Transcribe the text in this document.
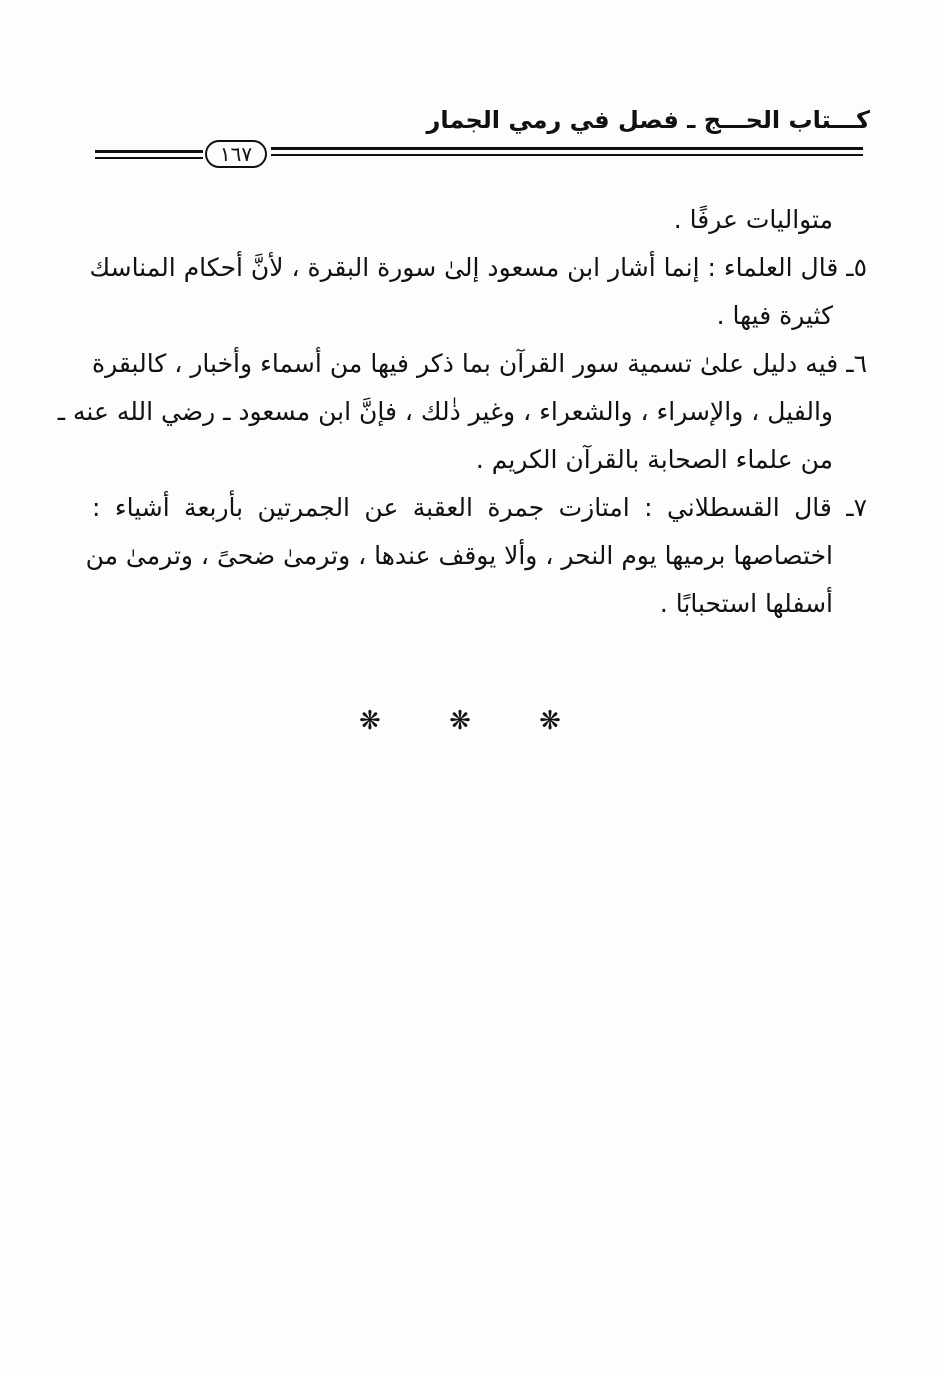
كـــتاب الحـــج ـ فصل في رمي الجمار
١٦٧
متواليات عرفًا .
٥ـ قال العلماء : إنما أشار ابن مسعود إلىٰ سورة البقرة ، لأنَّ أحكام المناسك
كثيرة فيها .
٦ـ فيه دليل علىٰ تسمية سور القرآن بما ذكر فيها من أسماء وأخبار ، كالبقرة
والفيل ، والإسراء ، والشعراء ، وغير ذٰلك ، فإنَّ ابن مسعود ـ رضي الله عنه ـ
من علماء الصحابة بالقرآن الكريم .
٧ـ قال القسطلاني : امتازت جمرة العقبة عن الجمرتين بأربعة أشياء :
اختصاصها برميها يوم النحر ، وألا يوقف عندها ، وترمىٰ ضحىً ، وترمىٰ من
أسفلها استحبابًا .
❋ ❋ ❋
